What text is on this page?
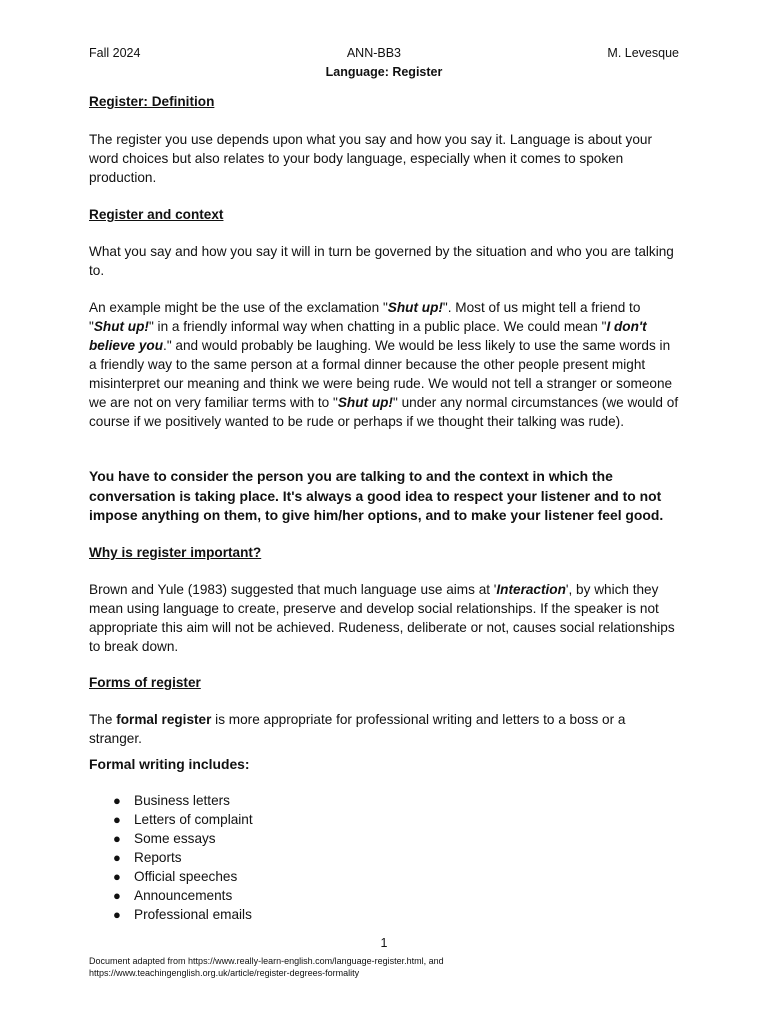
Fall 2024	ANN-BB3	M. Levesque
Language: Register

Register: Definition

The register you use depends upon what you say and how you say it. Language is about your word choices but also relates to your body language, especially when it comes to spoken production.

Register and context

What you say and how you say it will in turn be governed by the situation and who you are talking to.

An example might be the use of the exclamation "Shut up!". Most of us might tell a friend to "Shut up!" in a friendly informal way when chatting in a public place. We could mean "I don't believe you." and would probably be laughing. We would be less likely to use the same words in a friendly way to the same person at a formal dinner because the other people present might misinterpret our meaning and think we were being rude. We would not tell a stranger or someone we are not on very familiar terms with to "Shut up!" under any normal circumstances (we would of course if we positively wanted to be rude or perhaps if we thought their talking was rude).

You have to consider the person you are talking to and the context in which the conversation is taking place. It's always a good idea to respect your listener and to not impose anything on them, to give him/her options, and to make your listener feel good.

Why is register important?

Brown and Yule (1983) suggested that much language use aims at 'Interaction', by which they mean using language to create, preserve and develop social relationships. If the speaker is not appropriate this aim will not be achieved. Rudeness, deliberate or not, causes social relationships to break down.

Forms of register

The formal register is more appropriate for professional writing and letters to a boss or a stranger.

Formal writing includes:

● Business letters
● Letters of complaint
● Some essays
● Reports
● Official speeches
● Announcements
● Professional emails
1
Document adapted from https://www.really-learn-english.com/language-register.html, and
https://www.teachingenglish.org.uk/article/register-degrees-formality
